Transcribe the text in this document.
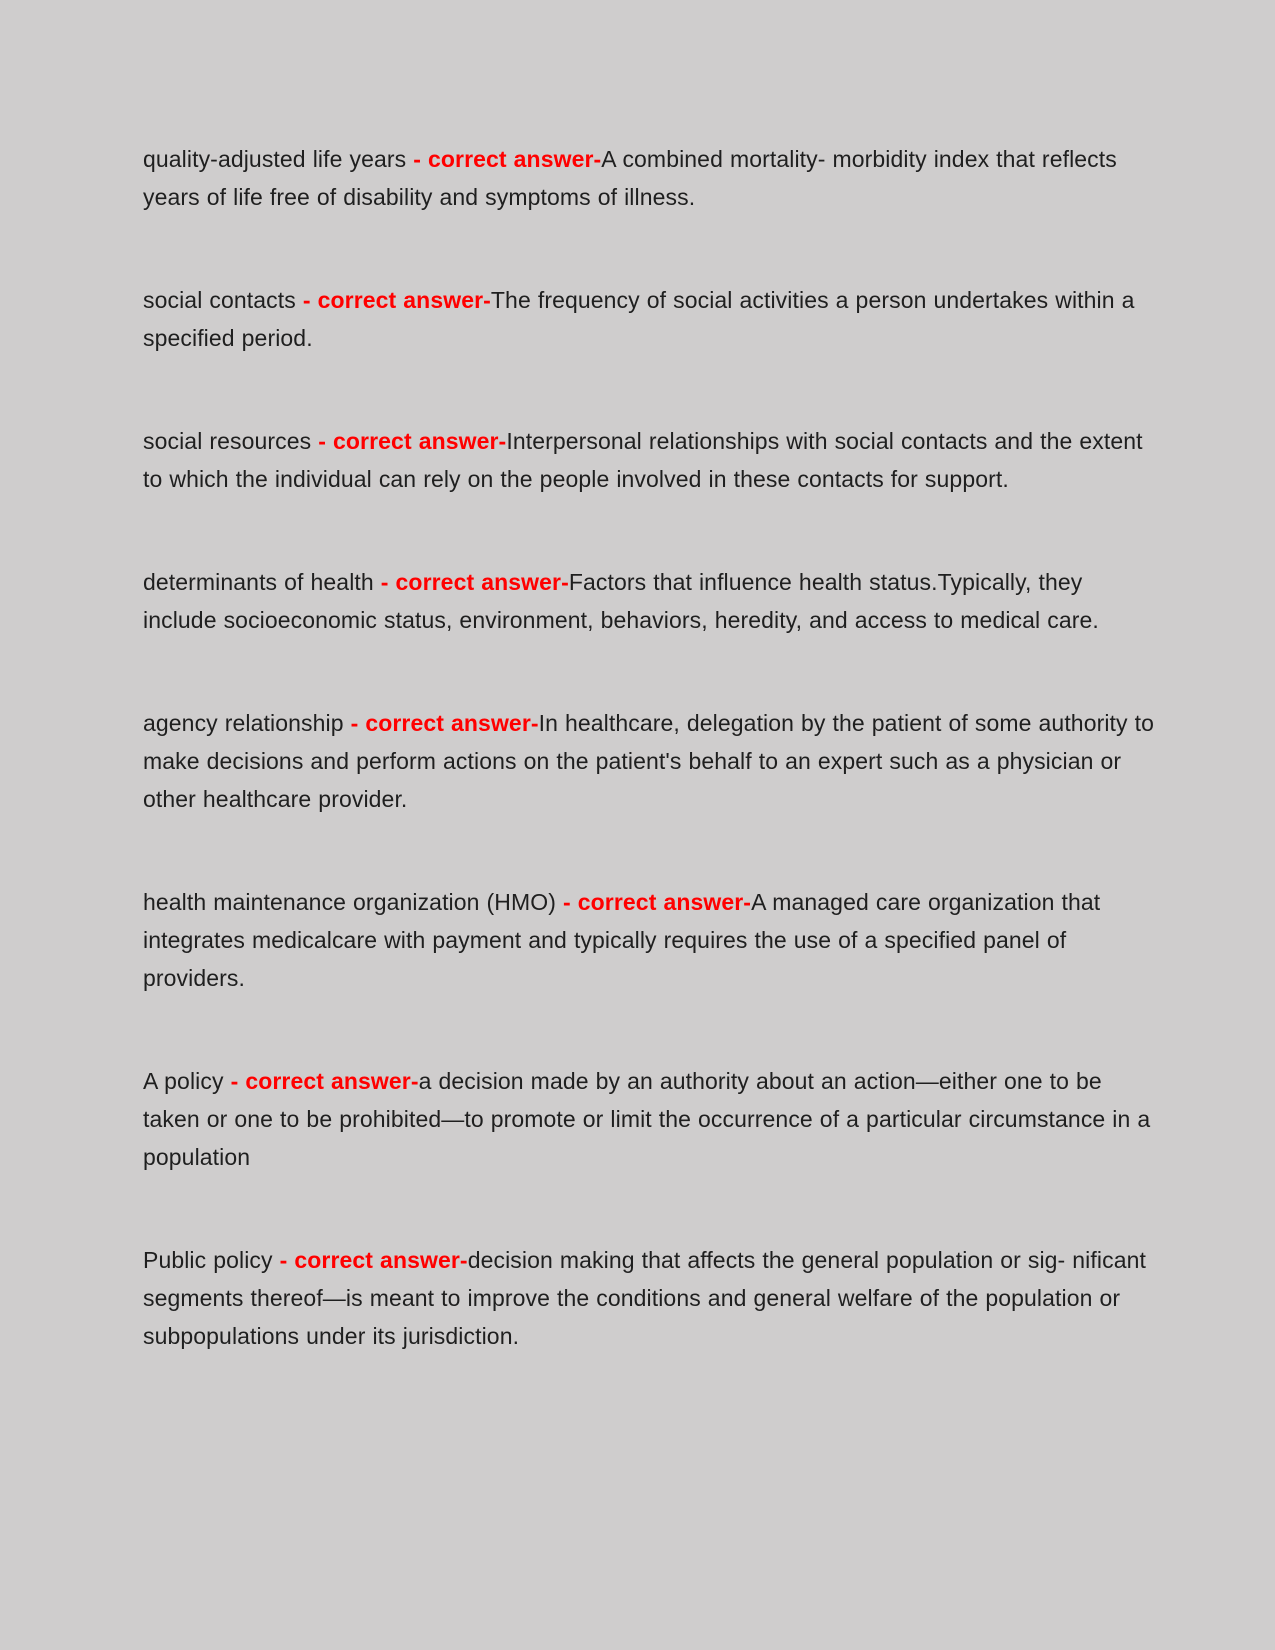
quality-adjusted life years - correct answer-A combined mortality- morbidity index that reflects years of life free of disability and symptoms of illness.

social contacts - correct answer-The frequency of social activities a person undertakes within a specified period.

social resources - correct answer-Interpersonal relationships with social contacts and the extent to which the individual can rely on the people involved in these contacts for support.

determinants of health - correct answer-Factors that influence health status.Typically, they include socioeconomic status, environment, behaviors, heredity, and access to medical care.

agency relationship - correct answer-In healthcare, delegation by the patient of some authority to make decisions and perform actions on the patient's behalf to an expert such as a physician or other healthcare provider.

health maintenance organization (HMO) - correct answer-A managed care organization that integrates medicalcare with payment and typically requires the use of a specified panel of providers.

A policy - correct answer-a decision made by an authority about an action—either one to be taken or one to be prohibited—to promote or limit the occurrence of a particular circumstance in a population

Public policy - correct answer-decision making that affects the general population or sig- nificant segments thereof—is meant to improve the conditions and general welfare of the population or subpopulations under its jurisdiction.
